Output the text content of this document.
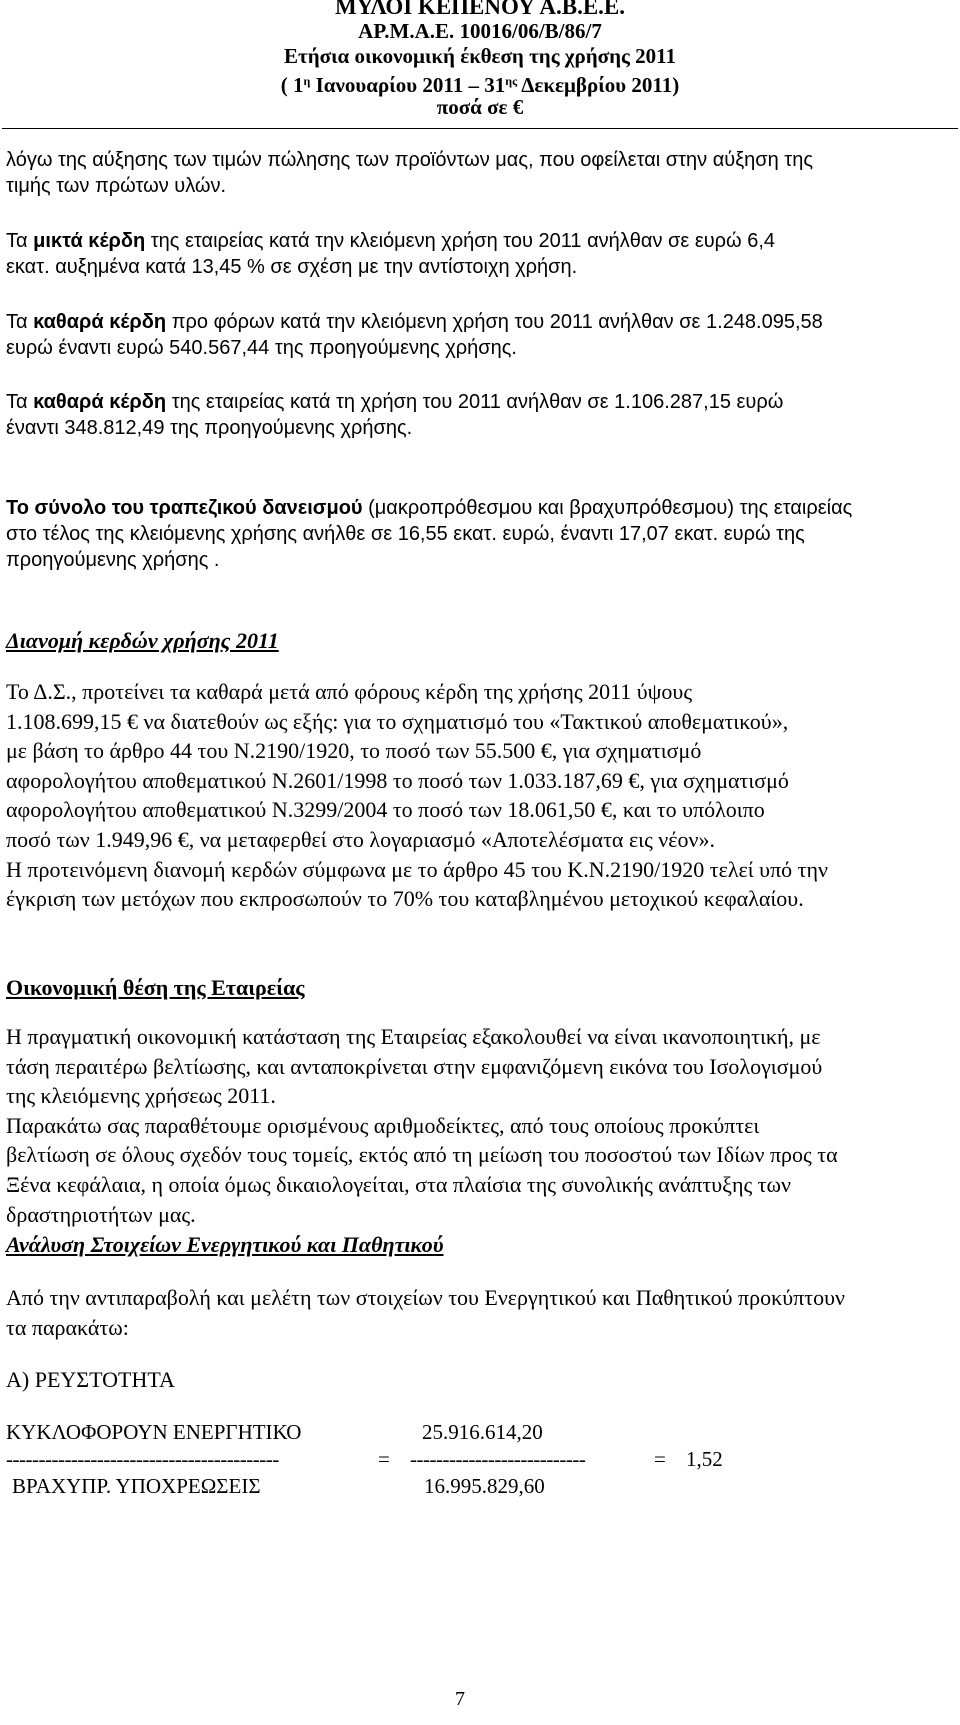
ΜΥΛΟΙ ΚΕΠΕΝΟΥ Α.Β.Ε.Ε.
ΑΡ.Μ.Α.Ε. 10016/06/Β/86/7
Ετήσια οικονομική έκθεση της χρήσης 2011
( $1^\eta$ Ιανουαρίου $2011 - 31^{\eta\varsigma}$ Δεκεμβρίου 2011)
ποσά σε €
λόγω της αύξησης των τιμών πώλησης των προϊόντων μας, που οφείλεται στην αύξηση της
τιμής των πρώτων υλών.
Τα μικτά κέρδη της εταιρείας κατά την κλειόμενη χρήση του 2011 ανήλθαν σε ευρώ 6,4
εκατ. αυξημένα κατά 13,45 % σε σχέση με την αντίστοιχη χρήση.
Τα καθαρά κέρδη προ φόρων κατά την κλειόμενη χρήση του 2011 ανήλθαν σε 1.248.095,58
ευρώ έναντι ευρώ 540.567,44 της προηγούμενης χρήσης.
Τα καθαρά κέρδη της εταιρείας κατά τη χρήση του 2011 ανήλθαν σε 1.106.287,15 ευρώ
έναντι 348.812,49 της προηγούμενης χρήσης.
Το σύνολο του τραπεζικού δανεισμού (μακροπρόθεσμου και βραχυπρόθεσμου) της εταιρείας
στο τέλος της κλειόμενης χρήσης ανήλθε σε 16,55 εκατ. ευρώ, έναντι 17,07 εκατ. ευρώ της
προηγούμενης χρήσης .
Διανομή κερδών χρήσης 2011
Το Δ.Σ., προτείνει τα καθαρά μετά από φόρους κέρδη της χρήσης 2011 ύψους
1.108.699,15 € να διατεθούν ως εξής: για το σχηματισμό του «Τακτικού αποθεματικού»,
με βάση το άρθρο 44 του Ν.2190/1920, το ποσό των 55.500 €, για σχηματισμό
αφορολογήτου αποθεματικού Ν.2601/1998 το ποσό των 1.033.187,69 €, για σχηματισμό
αφορολογήτου αποθεματικού Ν.3299/2004 το ποσό των 18.061,50 €, και το υπόλοιπο
ποσό των 1.949,96 €, να μεταφερθεί στο λογαριασμό «Αποτελέσματα εις νέον».
Η προτεινόμενη διανομή κερδών σύμφωνα με το άρθρο 45 του Κ.Ν.2190/1920 τελεί υπό την
έγκριση των μετόχων που εκπροσωπούν το 70% του καταβλημένου μετοχικού κεφαλαίου.
Οικονομική θέση της Εταιρείας
Η πραγματική οικονομική κατάσταση της Εταιρείας εξακολουθεί να είναι ικανοποιητική, με
τάση περαιτέρω βελτίωσης, και ανταποκρίνεται στην εμφανιζόμενη εικόνα του Ισολογισμού
της κλειόμενης χρήσεως 2011.
Παρακάτω σας παραθέτουμε ορισμένους αριθμοδείκτες, από τους οποίους προκύπτει
βελτίωση σε όλους σχεδόν τους τομείς, εκτός από τη μείωση του ποσοστού των Ιδίων προς τα
Ξένα κεφάλαια, η οποία όμως δικαιολογείται, στα πλαίσια της συνολικής ανάπτυξης των
δραστηριοτήτων μας.
Ανάλυση Στοιχείων Ενεργητικού και Παθητικού
Από την αντιπαραβολή και μελέτη των στοιχείων του Ενεργητικού και Παθητικού προκύπτουν
τα παρακάτω:
Α) ΡΕΥΣΤΟΤΗΤΑ
ΚΥΚΛΟΦΟΡΟΥΝ ΕΝΕΡΓΗΤΙΚΟ	25.916.614,20
------------------------------------------	= ---------------------------	= 1,52
ΒΡΑΧΥΠΡ. ΥΠΟΧΡΕΩΣΕΙΣ	16.995.829,60
7
